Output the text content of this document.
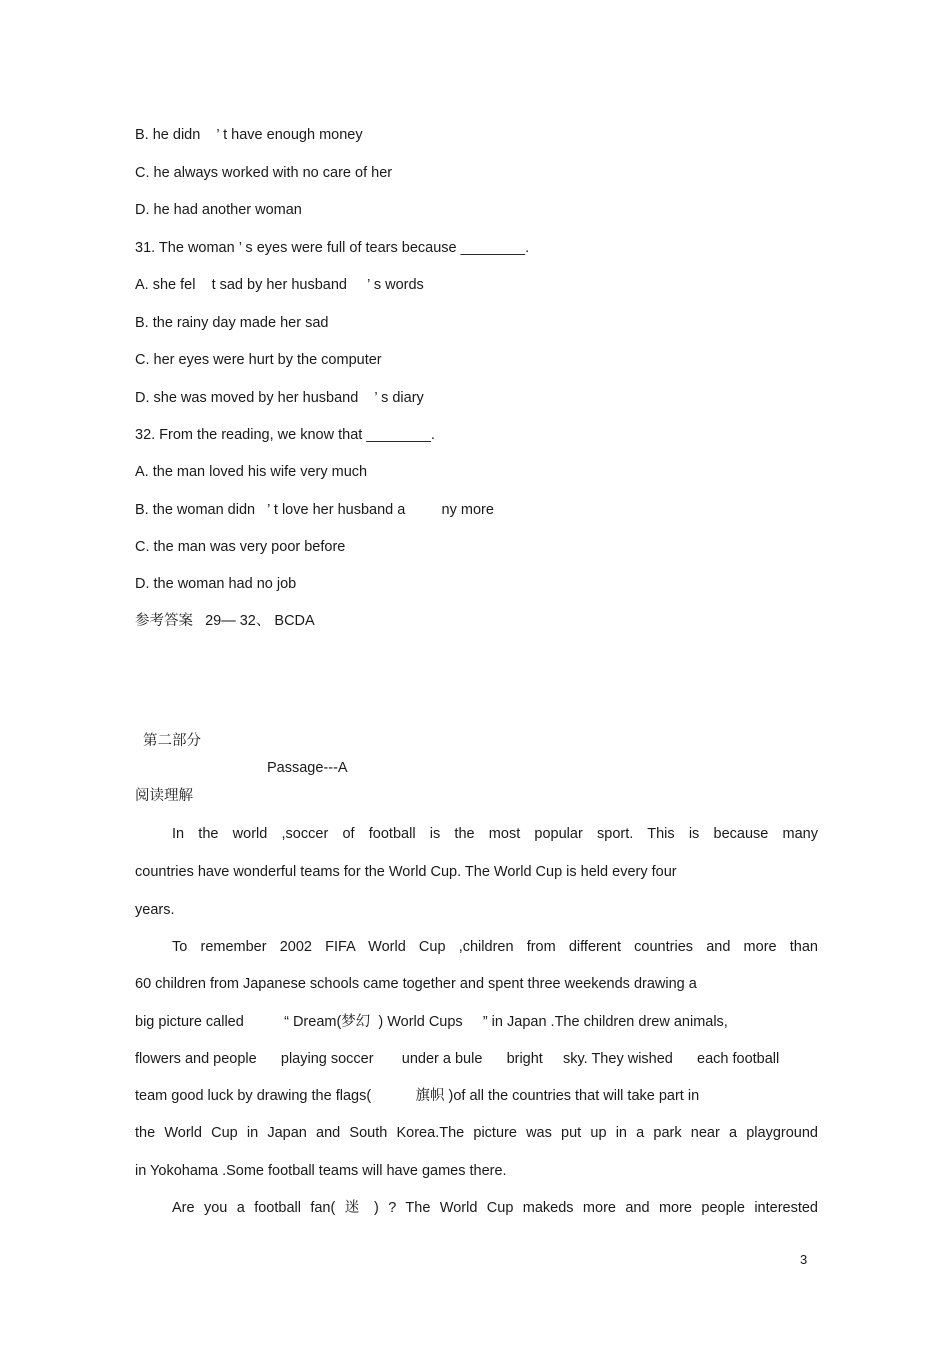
B. he didn    ’ t have enough money
C. he always worked with no care of her
D. he had another woman
31. The woman ’ s eyes were full of tears because ________.
A. she fel    t sad by her husband     ’ s words
B. the rainy day made her sad
C. her eyes were hurt by the computer
D. she was moved by her husband    ’ s diary
32. From the reading, we know that ________.
A. the man loved his wife very much
B. the woman didn   ’ t love her husband a         ny more
C. the man was very poor before
D. the woman had no job
参考答案   29— 32、 BCDA
第二部分
Passage---A
阅读理解
In the world ,soccer of football is the most popular sport. This is because many
countries have wonderful teams for the World Cup. The World Cup is held every four
years.
To remember 2002 FIFA World Cup ,children from different countries and more than
60 children from Japanese schools came together and spent three weekends drawing a
big picture called          “ Dream(梦幻  ) World Cups     ” in Japan .The children drew animals,
flowers and people      playing soccer       under a bule      bright     sky. They wished      each football
team good luck by drawing the flags(           旗帜 )of all the countries that will take part in
the World Cup in Japan and South Korea.The picture was put up in a park near a playground
in Yokohama .Some football teams will have games there.
Are you a football fan( 迷 ) ? The World Cup makeds more and more people interested
3
